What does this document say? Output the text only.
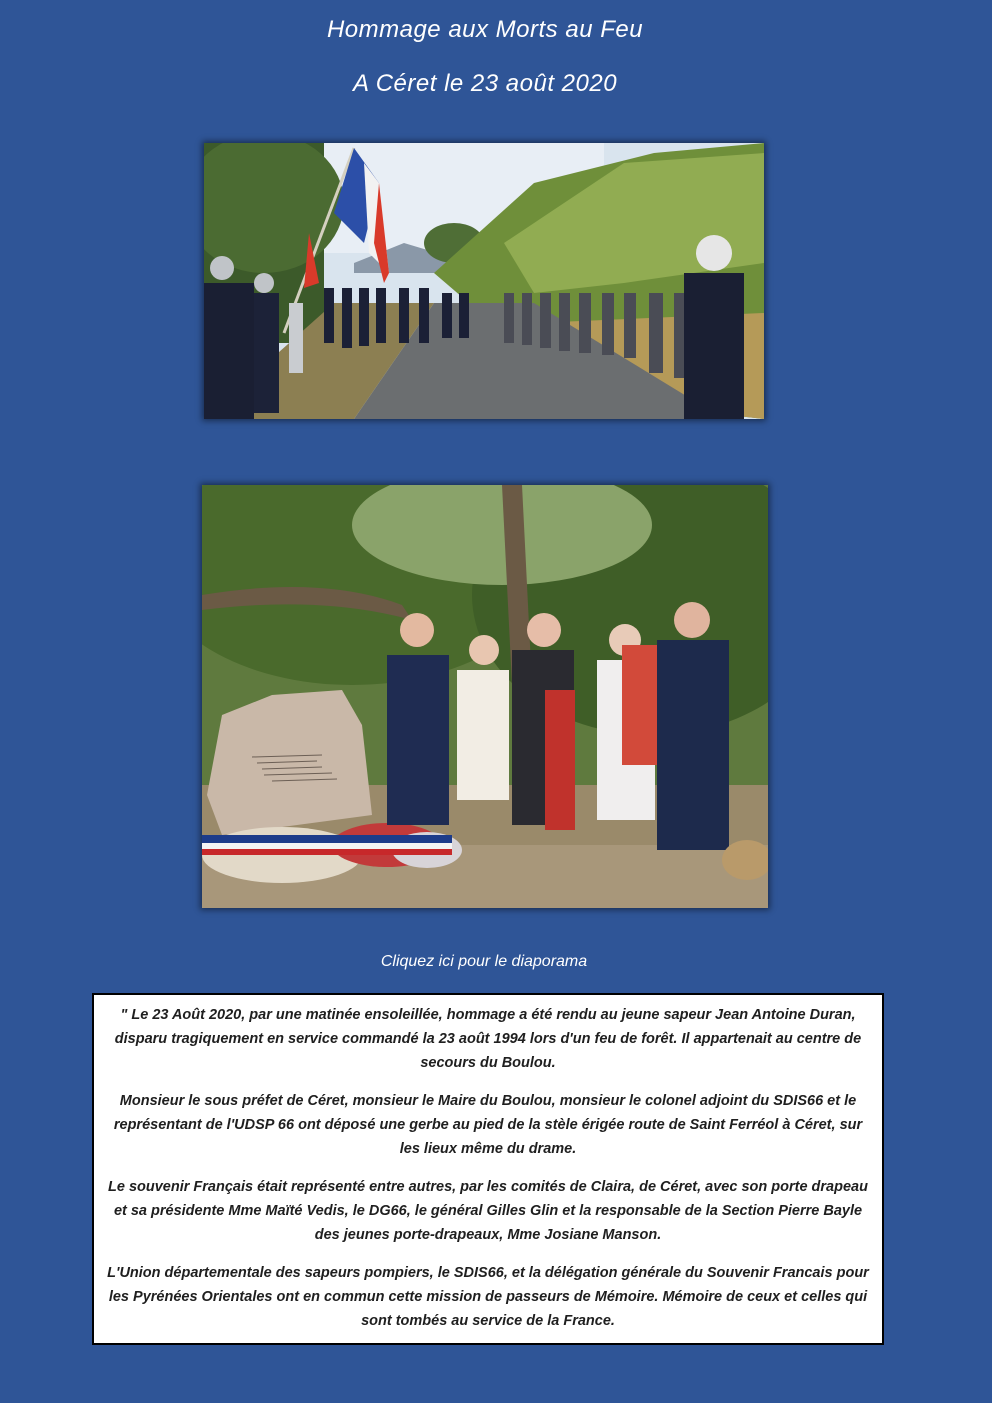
Hommage aux Morts au Feu
A Céret le 23 août 2020
Cliquez ici pour le diaporama

" Le 23 Août 2020, par une matinée ensoleillée, hommage a été rendu au jeune sapeur Jean Antoine Duran, disparu tragiquement en service commandé la 23 août 1994 lors d'un feu de forêt. Il appartenait au centre de secours du Boulou.

Monsieur le sous préfet de Céret, monsieur le Maire du Boulou, monsieur le colonel adjoint du SDIS66 et le représentant de l'UDSP 66 ont déposé une gerbe au pied de la stèle érigée route de Saint Ferréol à Céret, sur les lieux même du drame.

Le souvenir Français était représenté entre autres, par les comités de Claira, de Céret, avec son porte drapeau et sa présidente Mme Maïté Vedis, le DG66, le général Gilles Glin et la responsable de la Section Pierre Bayle des jeunes porte-drapeaux, Mme Josiane Manson.

L'Union départementale des sapeurs pompiers, le SDIS66, et la délégation générale du Souvenir Francais pour les Pyrénées Orientales ont en commun cette mission de passeurs de Mémoire. Mémoire de ceux et celles qui sont tombés au service de la France.
